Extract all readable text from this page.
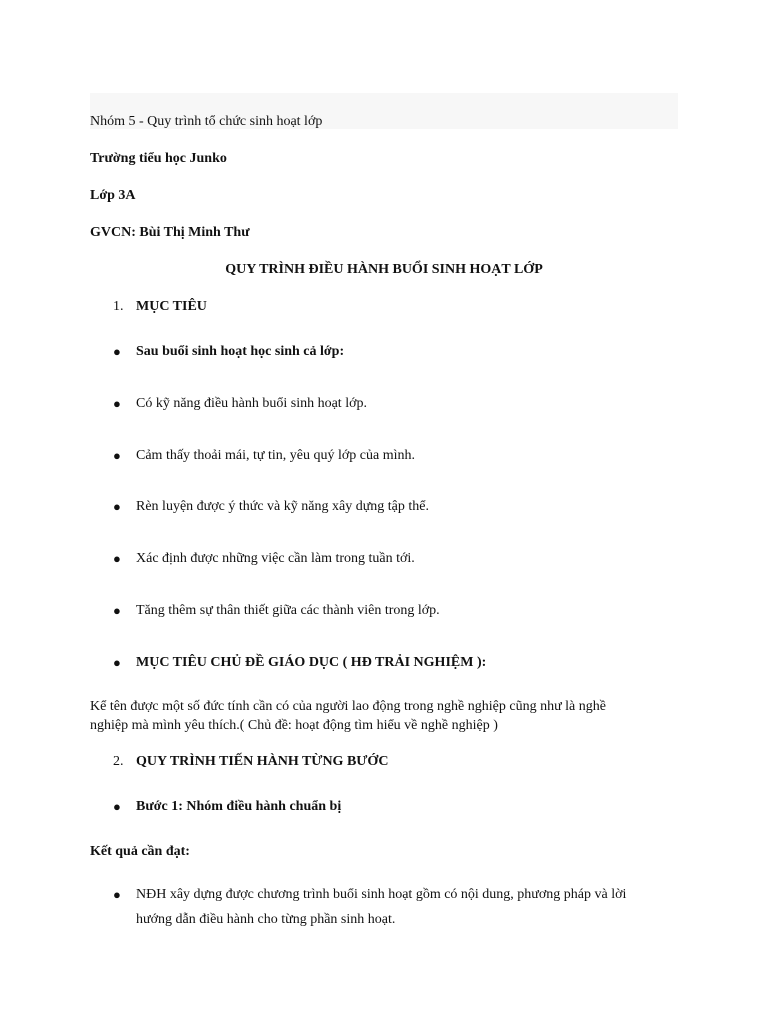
Nhóm 5 - Quy trình tổ chức sinh hoạt lớp
Trường tiểu học Junko
Lớp 3A
GVCN: Bùi Thị Minh Thư
QUY TRÌNH ĐIỀU HÀNH BUỔI SINH HOẠT LỚP
1. MỤC TIÊU
● Sau buổi sinh hoạt học sinh cả lớp:
● Có kỹ năng điều hành buổi sinh hoạt lớp.
● Cảm thấy thoải mái, tự tin, yêu quý lớp của mình.
● Rèn luyện được ý thức và kỹ năng xây dựng tập thể.
● Xác định được những việc cần làm trong tuần tới.
● Tăng thêm sự thân thiết giữa các thành viên trong lớp.
● MỤC TIÊU CHỦ ĐỀ GIÁO DỤC ( HĐ TRẢI NGHIỆM ):
Kể tên được một số đức tính cần có của người lao động trong nghề nghiệp cũng như là nghề
nghiệp mà mình yêu thích.( Chủ đề: hoạt động tìm hiểu về nghề nghiệp )
2. QUY TRÌNH TIẾN HÀNH TỪNG BƯỚC
● Bước 1: Nhóm điều hành chuẩn bị
Kết quả cần đạt:
● NĐH xây dựng được chương trình buổi sinh hoạt gồm có nội dung, phương pháp và lời
hướng dẫn điều hành cho từng phần sinh hoạt.
